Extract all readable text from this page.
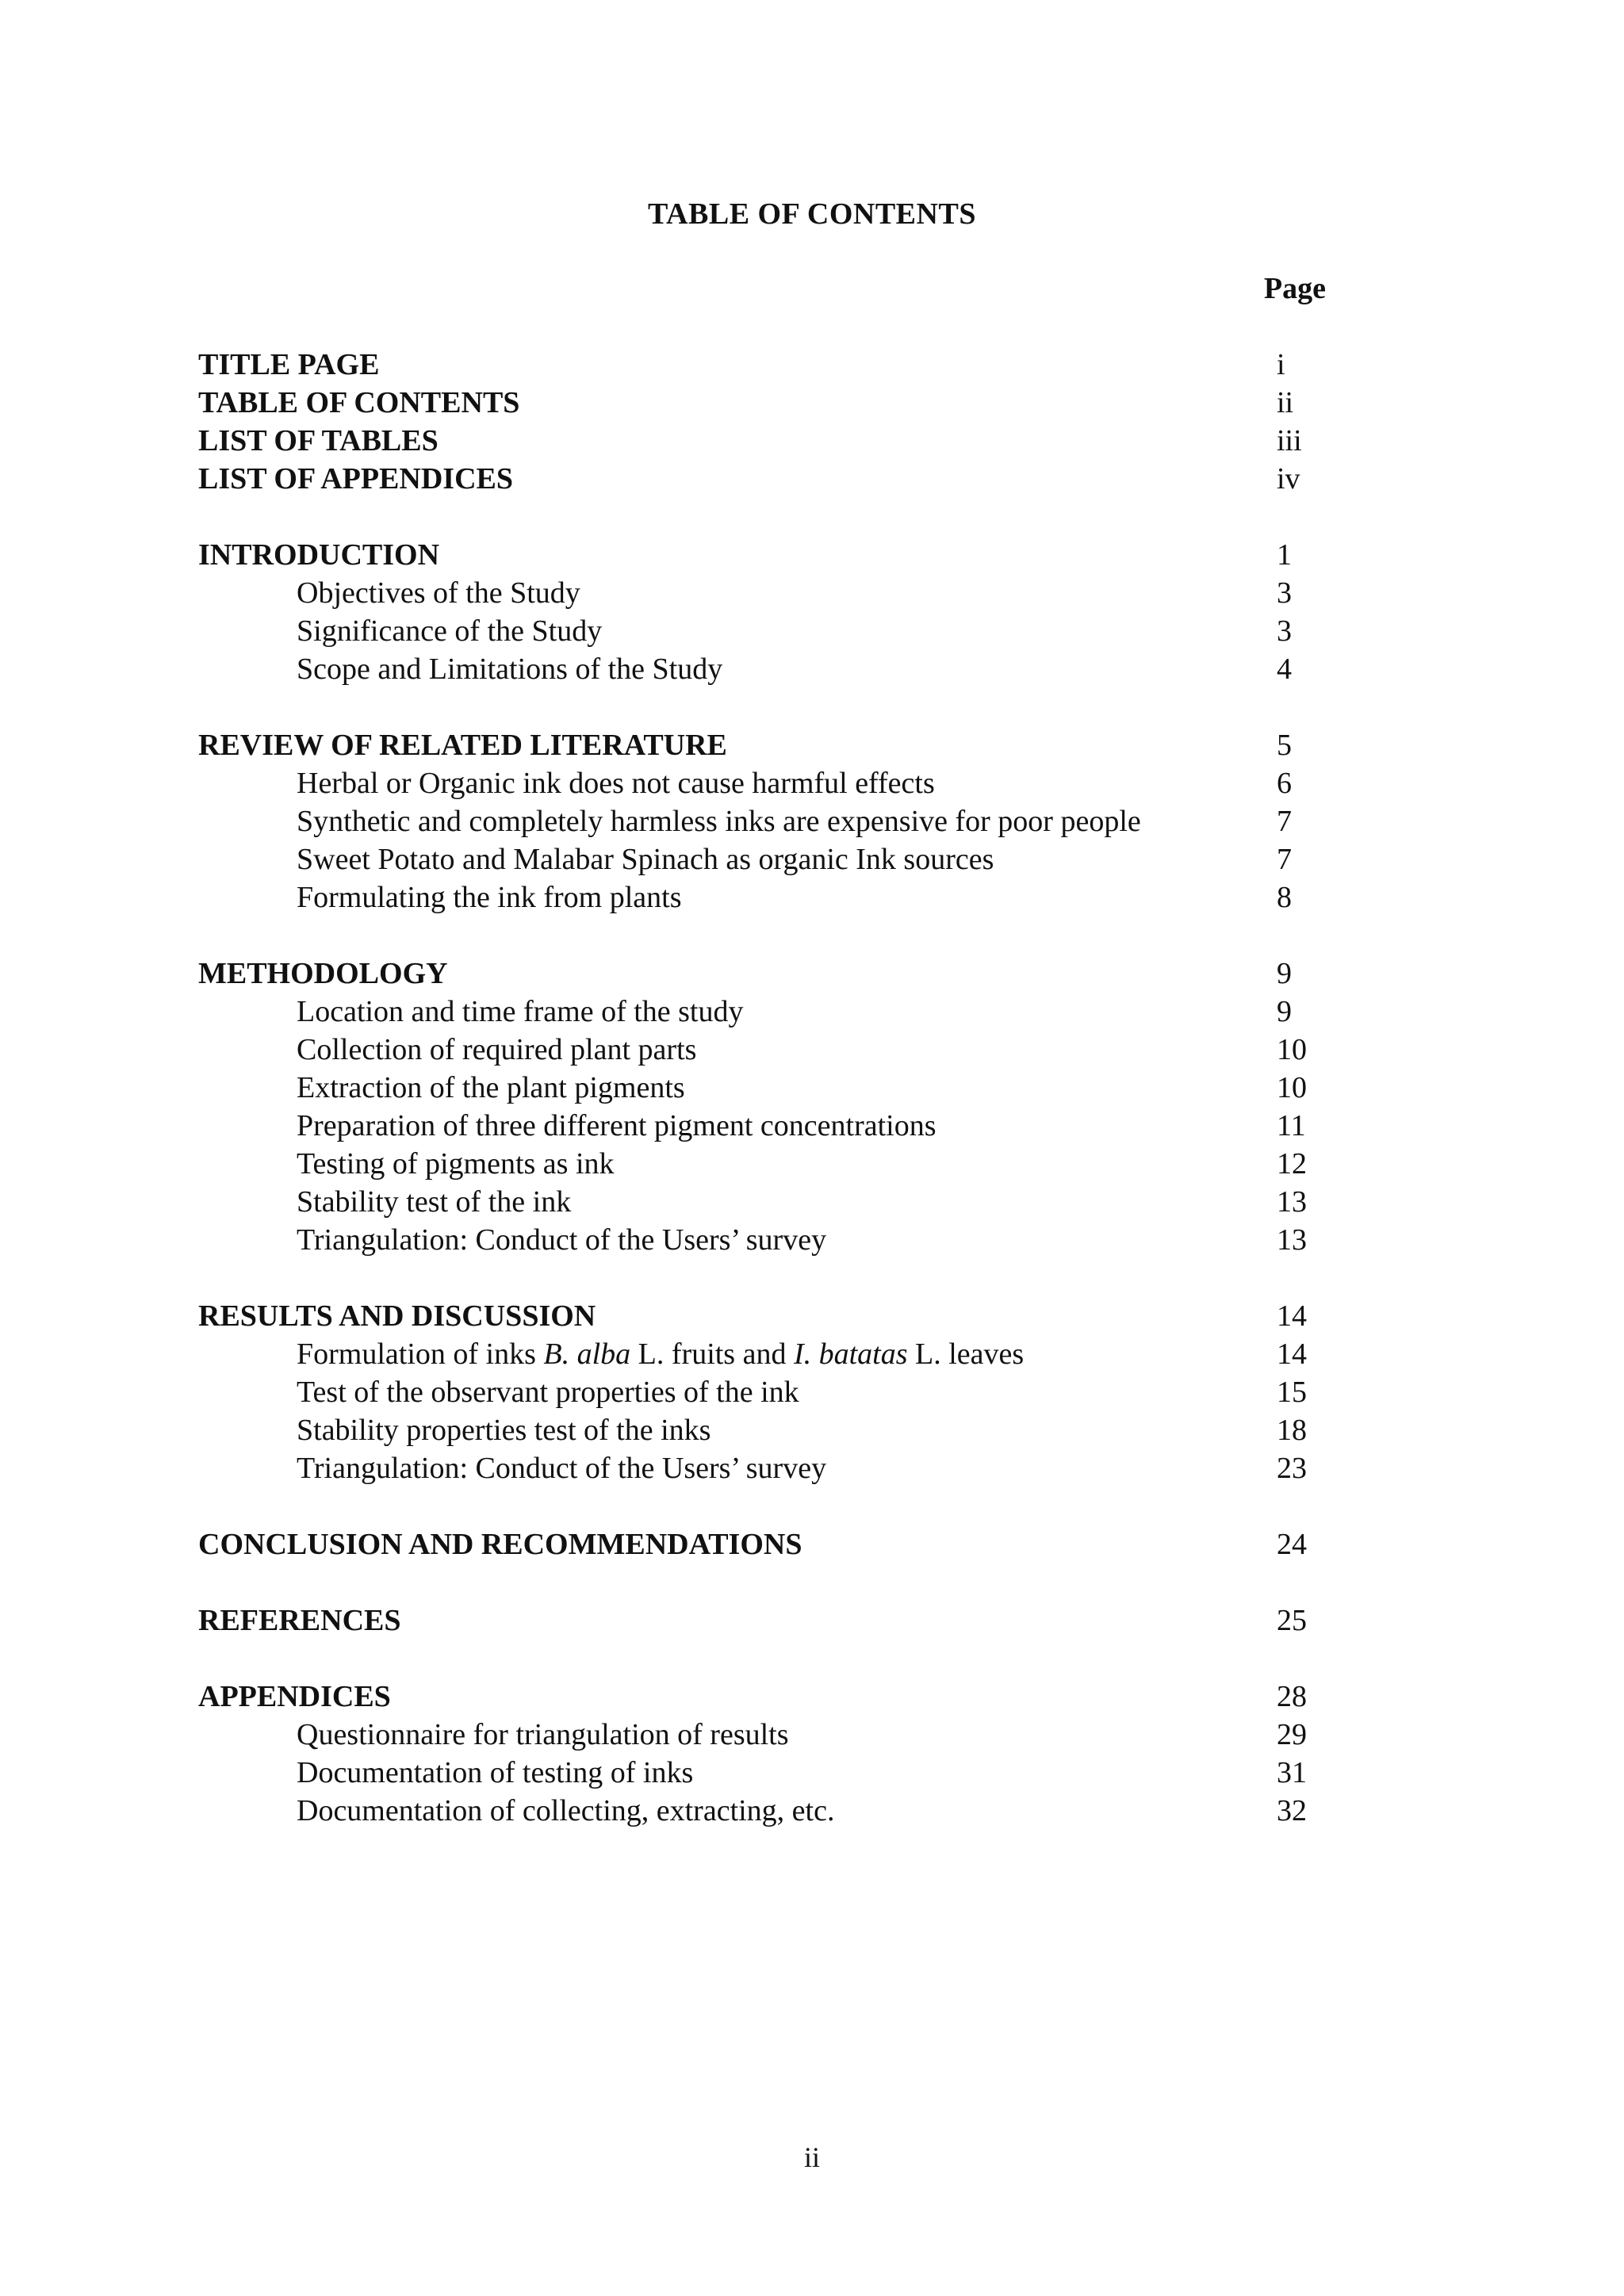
TABLE OF CONTENTS
Page
TITLE PAGE	i
TABLE OF CONTENTS	ii
LIST OF TABLES	iii
LIST OF APPENDICES	iv
INTRODUCTION	1
Objectives of the Study	3
Significance of the Study	3
Scope and Limitations of the Study	4
REVIEW OF RELATED LITERATURE	5
Herbal or Organic ink does not cause harmful effects	6
Synthetic and completely harmless inks are expensive for poor people	7
Sweet Potato and Malabar Spinach as organic Ink sources	7
Formulating the ink from plants	8
METHODOLOGY	9
Location and time frame of the study	9
Collection of required plant parts	10
Extraction of the plant pigments	10
Preparation of three different pigment concentrations	11
Testing of pigments as ink	12
Stability test of the ink	13
Triangulation: Conduct of the Users’ survey	13
RESULTS AND DISCUSSION	14
Formulation of inks B. alba L. fruits and I. batatas L. leaves	14
Test of the observant properties of the ink	15
Stability properties test of the inks	18
Triangulation: Conduct of the Users’ survey	23
CONCLUSION AND RECOMMENDATIONS	24
REFERENCES	25
APPENDICES	28
Questionnaire for triangulation of results	29
Documentation of testing of inks	31
Documentation of collecting, extracting, etc.	32
ii
